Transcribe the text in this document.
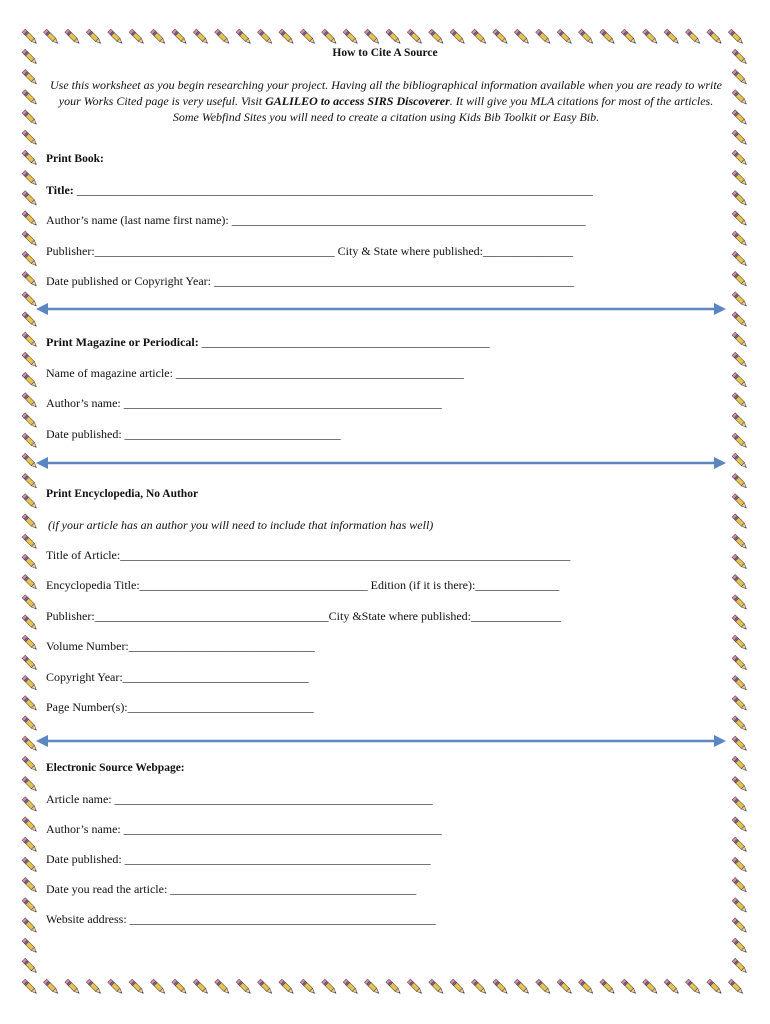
How to Cite A Source
Use this worksheet as you begin researching your project. Having all the bibliographical information available when you are ready to write your Works Cited page is very useful. Visit GALILEO to access SIRS Discoverer. It will give you MLA citations for most of the articles. Some Webfind Sites you will need to create a citation using Kids Bib Toolkit or Easy Bib.
Print Book:
Title: ______________________________________________________________________________________
Author’s name (last name first name): ___________________________________________________________
Publisher:________________________________________ City & State where published:_______________
Date published or Copyright Year: ____________________________________________________________
Print Magazine or Periodical: ________________________________________________
Name of magazine article: ________________________________________________
Author’s name: _____________________________________________________
Date published: ____________________________________
Print Encyclopedia, No Author
(if your article has an author you will need to include that information has well)
Title of Article:___________________________________________________________________________
Encyclopedia Title:______________________________________ Edition (if it is there):______________
Publisher:_______________________________________City &State where published:_______________
Volume Number:_______________________________
Copyright Year:_______________________________
Page Number(s):_______________________________
Electronic Source Webpage:
Article name: _____________________________________________________
Author’s name: _____________________________________________________
Date published: ___________________________________________________
Date you read the article: _________________________________________
Website address: ___________________________________________________
